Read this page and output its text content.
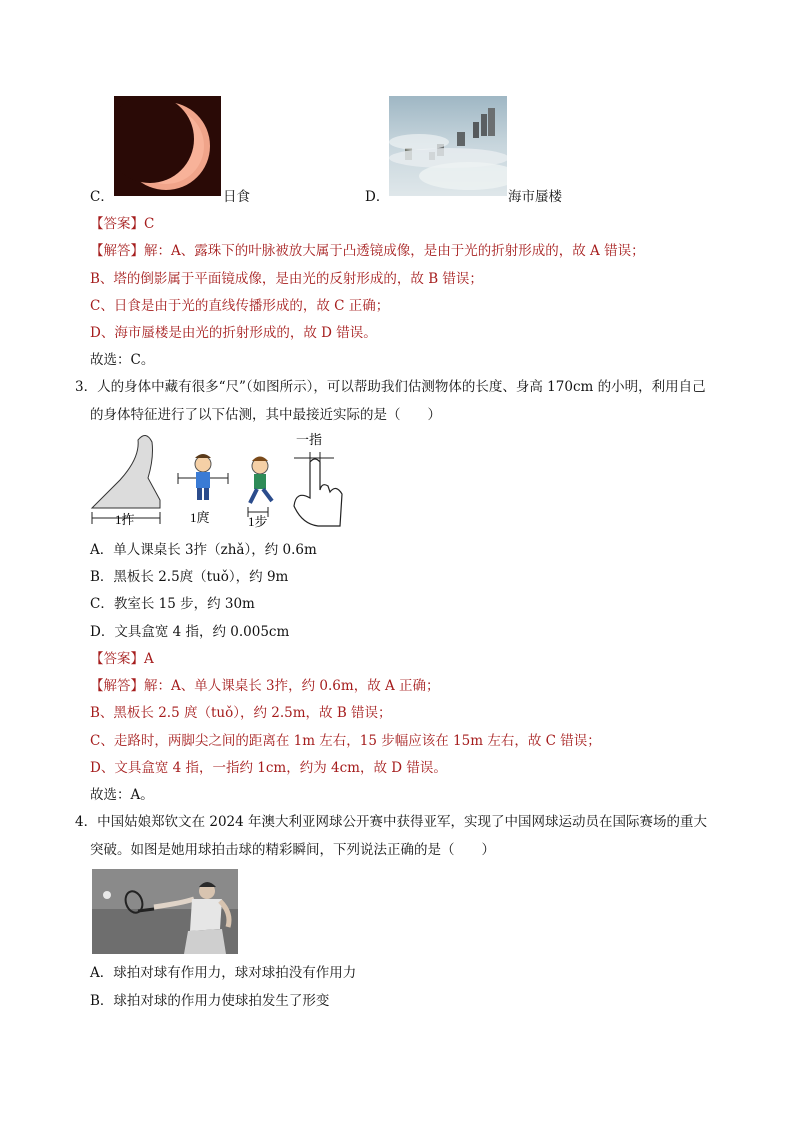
C．	日食	D．	海市蜃楼
【答案】C
【解答】解：A、露珠下的叶脉被放大属于凸透镜成像，是由于光的折射形成的，故 A 错误；
B、塔的倒影属于平面镜成像，是由光的反射形成的，故 B 错误；
C、日食是由于光的直线传播形成的，故 C 正确；
D、海市蜃楼是由光的折射形成的，故 D 错误。
故选：C。
3．人的身体中藏有很多“尺”（如图所示），可以帮助我们估测物体的长度、身高 170cm 的小明，利用自己
的身体特征进行了以下估测，其中最接近实际的是（　　）
1拃	1庹	1步
一指
A．单人课桌长 3拃（zhǎ），约 0.6m
B．黑板长 2.5庹（tuǒ），约 9m
C．教室长 15 步，约 30m
D．文具盒宽 4 指，约 0.005cm
【答案】A
【解答】解：A、单人课桌长 3拃，约 0.6m，故 A 正确；
B、黑板长 2.5 庹（tuǒ），约 2.5m，故 B 错误；
C、走路时，两脚尖之间的距离在 1m 左右，15 步幅应该在 15m 左右，故 C 错误；
D、文具盒宽 4 指，一指约 1cm，约为 4cm，故 D 错误。
故选：A。
4．中国姑娘郑钦文在 2024 年澳大利亚网球公开赛中获得亚军，实现了中国网球运动员在国际赛场的重大
突破。如图是她用球拍击球的精彩瞬间，下列说法正确的是（　　）
A．球拍对球有作用力，球对球拍没有作用力
B．球拍对球的作用力使球拍发生了形变
